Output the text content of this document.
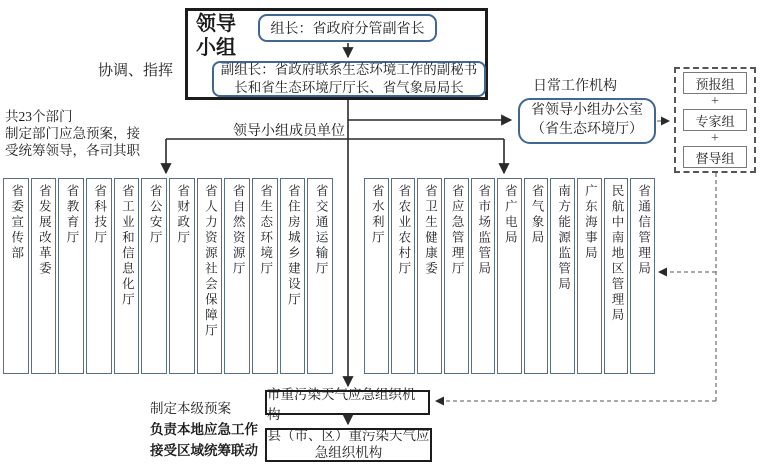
领导小组
组长：省政府分管副省长
副组长：省政府联系生态环境工作的副秘书
长和省生态环境厅厅长、省气象局局长
协调、指挥
共23个部门
制定部门应急预案，接
受统筹领导，各司其职
领导小组成员单位
日常工作机构
省领导小组办公室
（省生态环境厅）
预报组
+
专家组
+
督导组
省委宣传部 省发展改革委 省教育厅 省科技厅 省工业和信息化厅 省公安厅 省财政厅 省人力资源社会保障厅 省自然资源厅 省生态环境厅 省住房城乡建设厅 省交通运输厅	省水利厅 省农业农村厅 省卫生健康委 省应急管理厅 省市场监管局 省广电局 省气象局 南方能源监管局 广东海事局 民航中南地区管理局 省通信管理局
市重污染天气应急组织机构
县（市、区）重污染天气应
急组织机构
制定本级预案
负责本地应急工作
接受区域统筹联动
